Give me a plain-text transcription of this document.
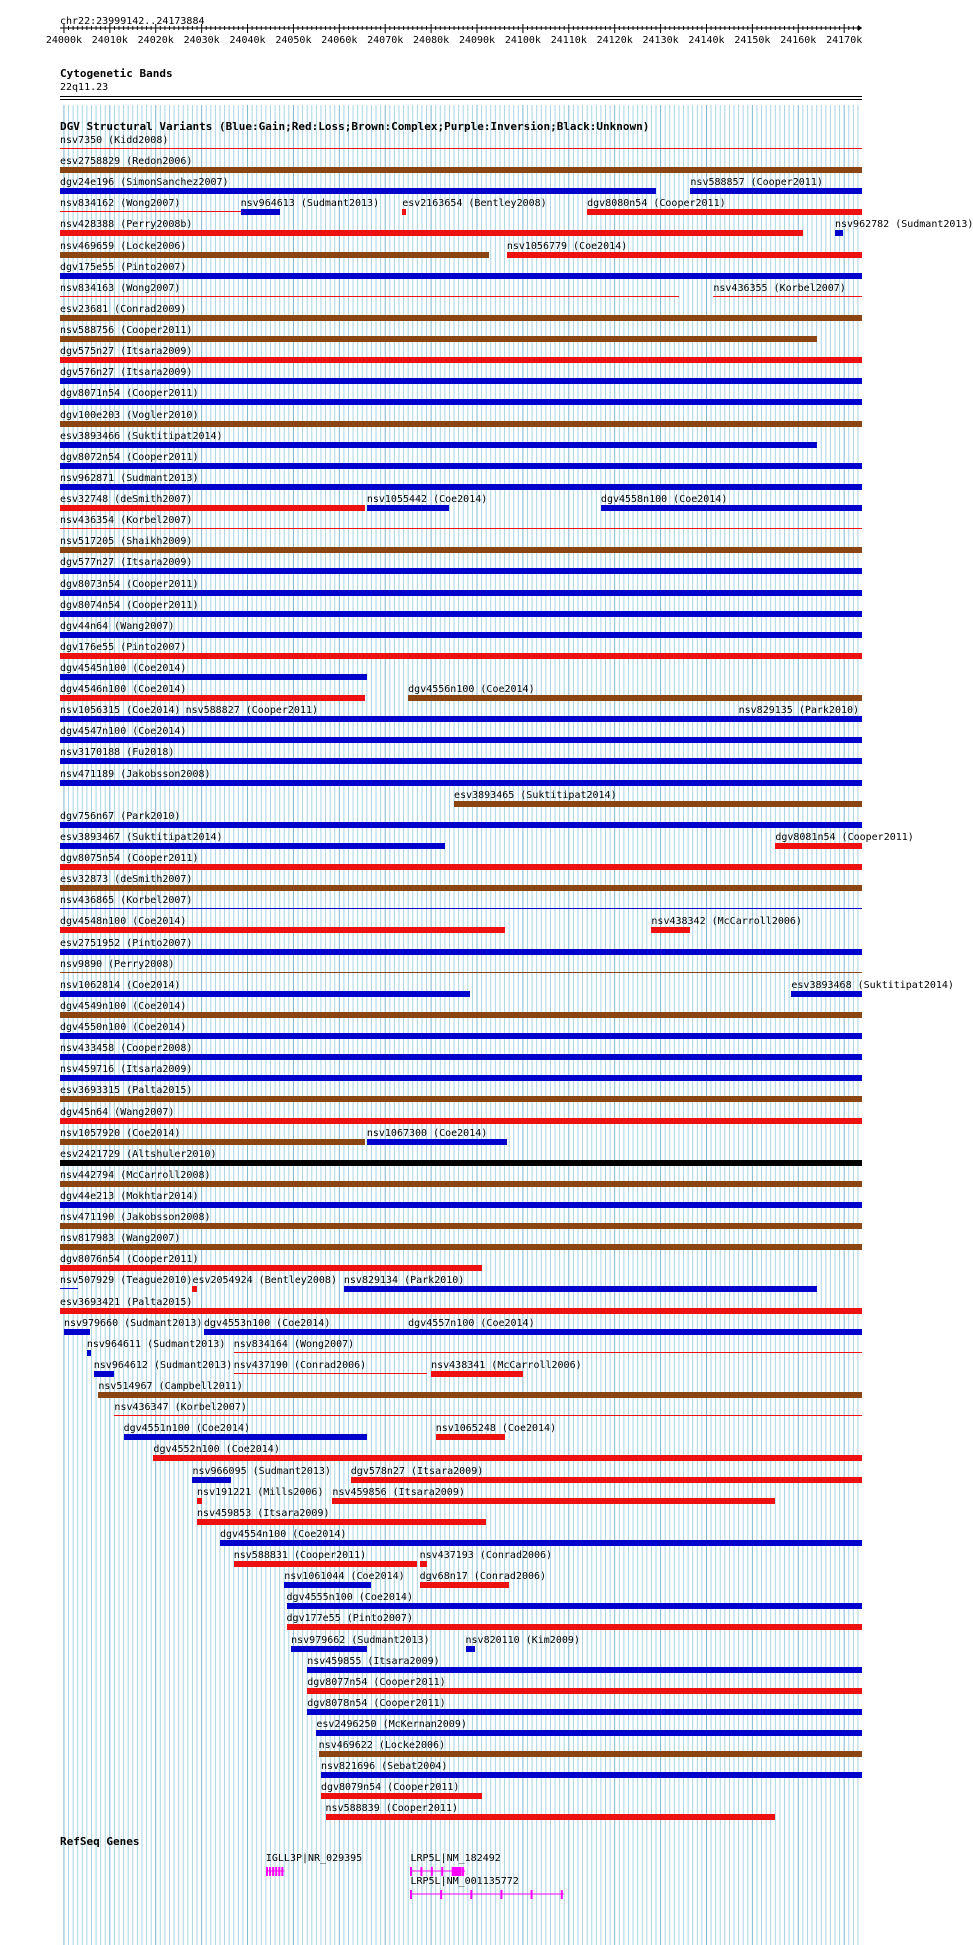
chr22:23999142..24173884
24000k 24010k 24020k 24030k 24040k 24050k 24060k 24070k 24080k 24090k 24100k 24110k 24120k 24130k 24140k 24150k 24160k 24170k
Cytogenetic Bands
22q11.23
DGV Structural Variants (Blue:Gain;Red:Loss;Brown:Complex;Purple:Inversion;Black:Unknown)
nsv7350 (Kidd2008)
esv2758829 (Redon2006)
dgv24e196 (SimonSanchez2007)	nsv588857 (Cooper2011)
nsv834162 (Wong2007)	nsv964613 (Sudmant2013) esv2163654 (Bentley2008)	dgv8080n54 (Cooper2011)
nsv428388 (Perry2008b)	nsv962782 (Sudmant2013)
nsv469659 (Locke2006)	nsv1056779 (Coe2014)
dgv175e55 (Pinto2007)
nsv834163 (Wong2007)	nsv436355 (Korbel2007)
esv23681 (Conrad2009)
nsv588756 (Cooper2011)
dgv575n27 (Itsara2009)
dgv576n27 (Itsara2009)
dgv8071n54 (Cooper2011)
dgv100e203 (Vogler2010)
esv3893466 (Suktitipat2014)
dgv8072n54 (Cooper2011)
nsv962871 (Sudmant2013)
esv32748 (deSmith2007)	nsv1055442 (Coe2014)	dgv4558n100 (Coe2014)
nsv436354 (Korbel2007)
nsv517205 (Shaikh2009)
dgv577n27 (Itsara2009)
dgv8073n54 (Cooper2011)
dgv8074n54 (Cooper2011)
dgv44n64 (Wang2007)
dgv176e55 (Pinto2007)
dgv4545n100 (Coe2014)
dgv4546n100 (Coe2014)	dgv4556n100 (Coe2014)
nsv1056315 (Coe2014) nsv588827 (Cooper2011)	nsv829135 (Park2010)
dgv4547n100 (Coe2014)
nsv3170188 (Fu2018)
nsv471189 (Jakobsson2008)
esv3893465 (Suktitipat2014)
dgv756n67 (Park2010)
esv3893467 (Suktitipat2014)	dgv8081n54 (Cooper2011)
dgv8075n54 (Cooper2011)
esv32873 (deSmith2007)
nsv436865 (Korbel2007)
dgv4548n100 (Coe2014)	nsv438342 (McCarroll2006)
esv2751952 (Pinto2007)
nsv9890 (Perry2008)
nsv1062814 (Coe2014)	esv3893468 (Suktitipat2014)
dgv4549n100 (Coe2014)
dgv4550n100 (Coe2014)
nsv433458 (Cooper2008)
nsv459716 (Itsara2009)
esv3693315 (Palta2015)
dgv45n64 (Wang2007)
nsv1057920 (Coe2014)	nsv1067300 (Coe2014)
esv2421729 (Altshuler2010)
nsv442794 (McCarroll2008)
dgv44e213 (Mokhtar2014)
nsv471190 (Jakobsson2008)
nsv817983 (Wang2007)
dgv8076n54 (Cooper2011)
nsv507929 (Teague2010) esv2054924 (Bentley2008) nsv829134 (Park2010)
esv3693421 (Palta2015)
nsv979660 (Sudmant2013) dgv4553n100 (Coe2014)	dgv4557n100 (Coe2014)
nsv964611 (Sudmant2013) nsv834164 (Wong2007)
nsv964612 (Sudmant2013) nsv437190 (Conrad2006)	nsv438341 (McCarroll2006)
nsv514967 (Campbell2011)
nsv436347 (Korbel2007)
dgv4551n100 (Coe2014)	nsv1065248 (Coe2014)
dgv4552n100 (Coe2014)
nsv966095 (Sudmant2013) dgv578n27 (Itsara2009)
nsv191221 (Mills2006) nsv459856 (Itsara2009)
nsv459853 (Itsara2009)
dgv4554n100 (Coe2014)
nsv588831 (Cooper2011)	nsv437193 (Conrad2006)
nsv1061044 (Coe2014) dgv68n17 (Conrad2006)
dgv4555n100 (Coe2014)
dgv177e55 (Pinto2007)
nsv979662 (Sudmant2013)	nsv820110 (Kim2009)
nsv459855 (Itsara2009)
dgv8077n54 (Cooper2011)
dgv8078n54 (Cooper2011)
esv2496250 (McKernan2009)
nsv469622 (Locke2006)
nsv821696 (Sebat2004)
dgv8079n54 (Cooper2011)
nsv588839 (Cooper2011)
RefSeq Genes
IGLL3P|NR_029395	LRP5L|NM_182492
LRP5L|NM_001135772
